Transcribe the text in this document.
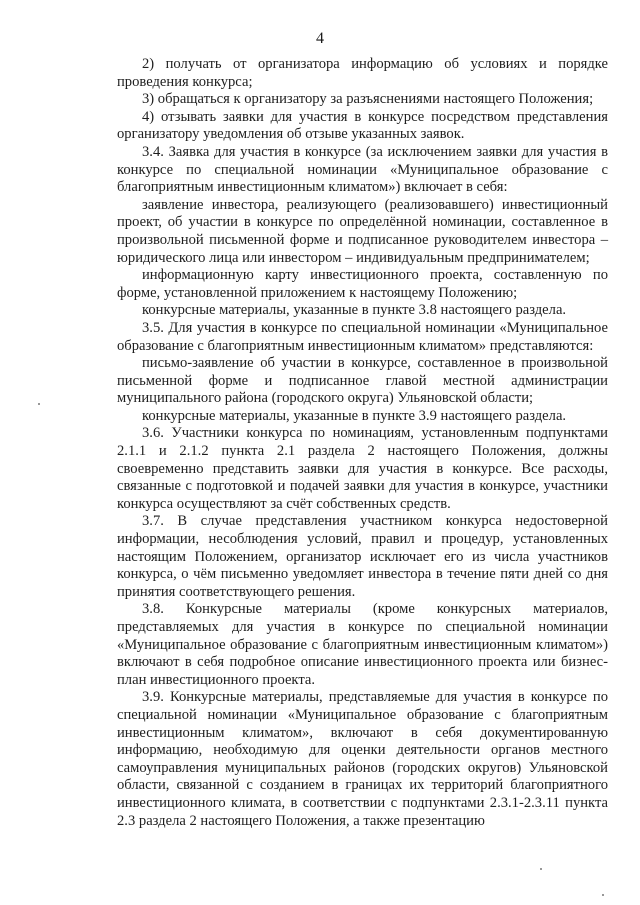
4

2) получать от организатора информацию об условиях и порядке проведения конкурса;

3) обращаться к организатору за разъяснениями настоящего Положения;

4) отзывать заявки для участия в конкурсе посредством представления организатору уведомления об отзыве указанных заявок.

3.4. Заявка для участия в конкурсе (за исключением заявки для участия в конкурсе по специальной номинации «Муниципальное образование с благоприятным инвестиционным климатом») включает в себя:

заявление инвестора, реализующего (реализовавшего) инвестиционный проект, об участии в конкурсе по определённой номинации, составленное в произвольной письменной форме и подписанное руководителем инвестора – юридического лица или инвестором – индивидуальным предпринимателем;

информационную карту инвестиционного проекта, составленную по форме, установленной приложением к настоящему Положению;

конкурсные материалы, указанные в пункте 3.8 настоящего раздела.

3.5. Для участия в конкурсе по специальной номинации «Муниципальное образование с благоприятным инвестиционным климатом» представляются:

письмо-заявление об участии в конкурсе, составленное в произвольной письменной форме и подписанное главой местной администрации муниципального района (городского округа) Ульяновской области;

конкурсные материалы, указанные в пункте 3.9 настоящего раздела.

3.6. Участники конкурса по номинациям, установленным подпунктами 2.1.1 и 2.1.2 пункта 2.1 раздела 2 настоящего Положения, должны своевременно представить заявки для участия в конкурсе. Все расходы, связанные с подготовкой и подачей заявки для участия в конкурсе, участники конкурса осуществляют за счёт собственных средств.

3.7. В случае представления участником конкурса недостоверной информации, несоблюдения условий, правил и процедур, установленных настоящим Положением, организатор исключает его из числа участников конкурса, о чём письменно уведомляет инвестора в течение пяти дней со дня принятия соответствующего решения.

3.8. Конкурсные материалы (кроме конкурсных материалов, представляемых для участия в конкурсе по специальной номинации «Муниципальное образование с благоприятным инвестиционным климатом») включают в себя подробное описание инвестиционного проекта или бизнес-план инвестиционного проекта.

3.9. Конкурсные материалы, представляемые для участия в конкурсе по специальной номинации «Муниципальное образование с благоприятным инвестиционным климатом», включают в себя документированную информацию, необходимую для оценки деятельности органов местного самоуправления муниципальных районов (городских округов) Ульяновской области, связанной с созданием в границах их территорий благоприятного инвестиционного климата, в соответствии с подпунктами 2.3.1-2.3.11 пункта 2.3 раздела 2 настоящего Положения, а также презентацию
